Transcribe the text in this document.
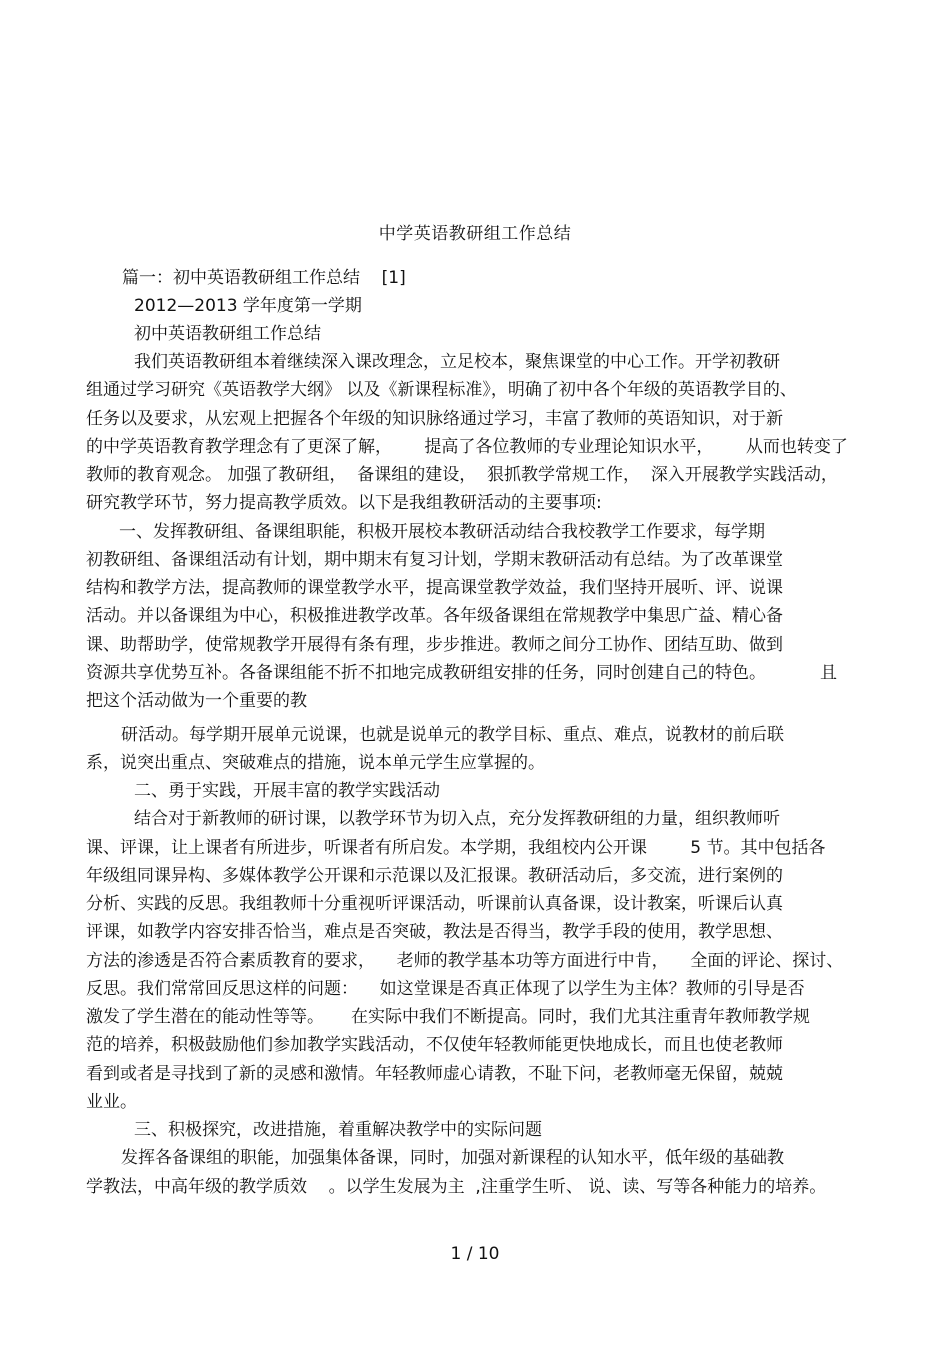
中学英语教研组工作总结
篇一：初中英语教研组工作总结    [1]
2012—2013 学年度第一学期
初中英语教研组工作总结
我们英语教研组本着继续深入课改理念，立足校本，聚焦课堂的中心工作。开学初教研
组通过学习研究《英语教学大纲》 以及《新课程标准》，明确了初中各个年级的英语教学目的、
任务以及要求，从宏观上把握各个年级的知识脉络通过学习，丰富了教师的英语知识，对于新
的中学英语教育教学理念有了更深了解，      提高了各位教师的专业理论知识水平，      从而也转变了
教师的教育观念。 加强了教研组，  备课组的建设，  狠抓教学常规工作，  深入开展教学实践活动，
研究教学环节，努力提高教学质效。以下是我组教研活动的主要事项:
一、发挥教研组、备课组职能，积极开展校本教研活动结合我校教学工作要求，每学期
初教研组、备课组活动有计划，期中期末有复习计划，学期末教研活动有总结。为了改革课堂
结构和教学方法，提高教师的课堂教学水平，提高课堂教学效益，我们坚持开展听、评、说课
活动。并以备课组为中心，积极推进教学改革。各年级备课组在常规教学中集思广益、精心备
课、助帮助学，使常规教学开展得有条有理，步步推进。教师之间分工协作、团结互助、做到
资源共享优势互补。各备课组能不折不扣地完成教研组安排的任务，同时创建自己的特色。          且
把这个活动做为一个重要的教
研活动。每学期开展单元说课，也就是说单元的教学目标、重点、难点，说教材的前后联
系，说突出重点、突破难点的措施，说本单元学生应掌握的。
二、勇于实践，开展丰富的教学实践活动
结合对于新教师的研讨课，以教学环节为切入点，充分发挥教研组的力量，组织教师听
课、评课，让上课者有所进步，听课者有所启发。本学期，我组校内公开课        5 节。其中包括各
年级组同课异构、多媒体教学公开课和示范课以及汇报课。教研活动后，多交流，进行案例的
分析、实践的反思。我组教师十分重视听评课活动，听课前认真备课，设计教案，听课后认真
评课，如教学内容安排否恰当，难点是否突破，教法是否得当，教学手段的使用，教学思想、
方法的渗透是否符合素质教育的要求，    老师的教学基本功等方面进行中肯，    全面的评论、探讨、
反思。我们常常回反思这样的问题：    如这堂课是否真正体现了以学生为主体？教师的引导是否
激发了学生潜在的能动性等等。     在实际中我们不断提高。同时，我们尤其注重青年教师教学规
范的培养，积极鼓励他们参加教学实践活动，不仅使年轻教师能更快地成长，而且也使老教师
看到或者是寻找到了新的灵感和激情。年轻教师虚心请教，不耻下问，老教师毫无保留，兢兢
业业。
三、积极探究，改进措施，着重解决教学中的实际问题
发挥各备课组的职能，加强集体备课，同时，加强对新课程的认知水平，低年级的基础教
学教法，中高年级的教学质效    。以学生发展为主  ,注重学生听、 说、读、写等各种能力的培养。
1 / 10
